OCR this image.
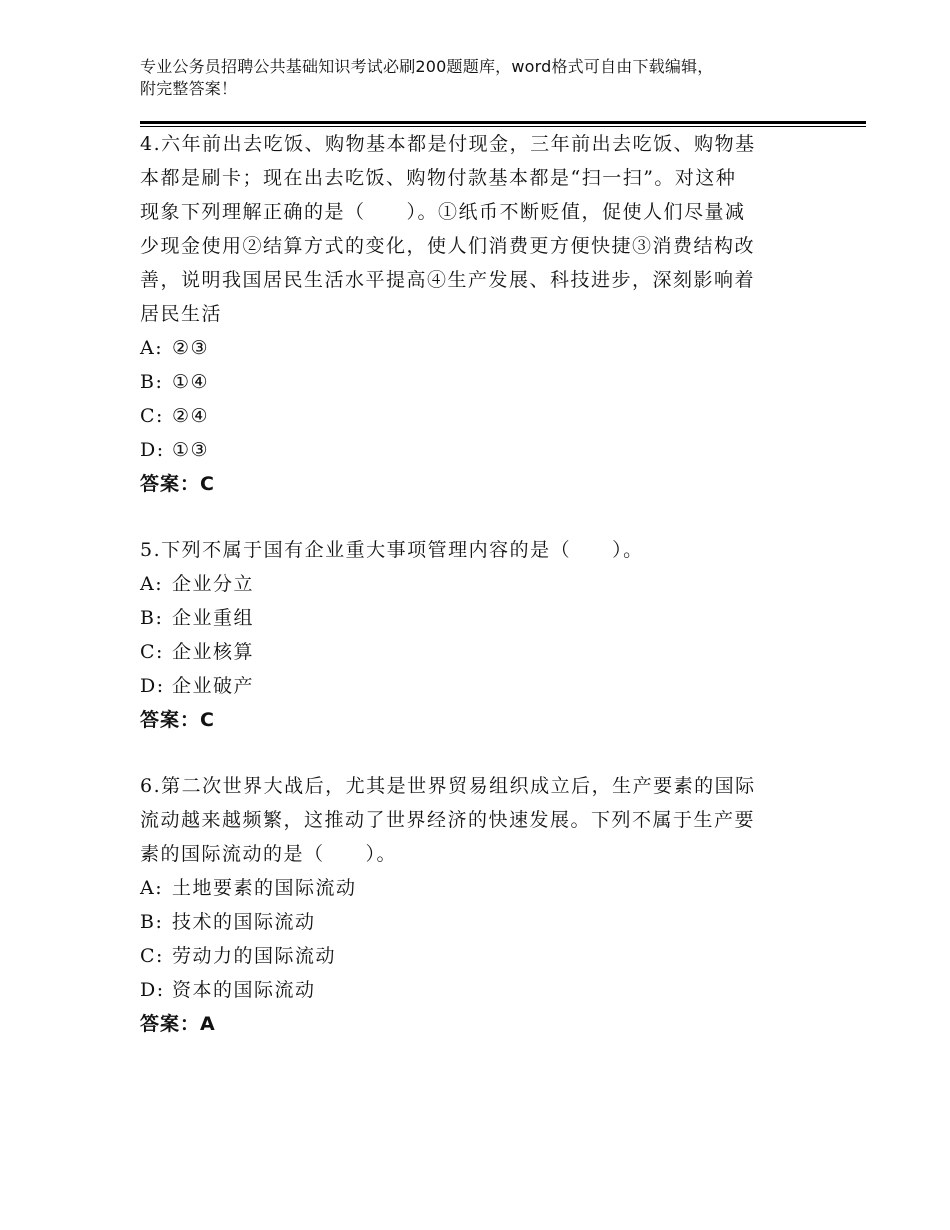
专业公务员招聘公共基础知识考试必刷200题题库，word格式可自由下载编辑，
附完整答案！
4.六年前出去吃饭、购物基本都是付现金，三年前出去吃饭、购物基
本都是刷卡；现在出去吃饭、购物付款基本都是“扫一扫”。对这种
现象下列理解正确的是（　　）。①纸币不断贬值，促使人们尽量减
少现金使用②结算方式的变化，使人们消费更方便快捷③消费结构改
善，说明我国居民生活水平提高④生产发展、科技进步，深刻影响着
居民生活
A: ②③
B: ①④
C: ②④
D: ①③
答案：C
5.下列不属于国有企业重大事项管理内容的是（　　）。
A: 企业分立
B: 企业重组
C: 企业核算
D: 企业破产
答案：C
6.第二次世界大战后，尤其是世界贸易组织成立后，生产要素的国际
流动越来越频繁，这推动了世界经济的快速发展。下列不属于生产要
素的国际流动的是（　　）。
A: 土地要素的国际流动
B: 技术的国际流动
C: 劳动力的国际流动
D: 资本的国际流动
答案：A
